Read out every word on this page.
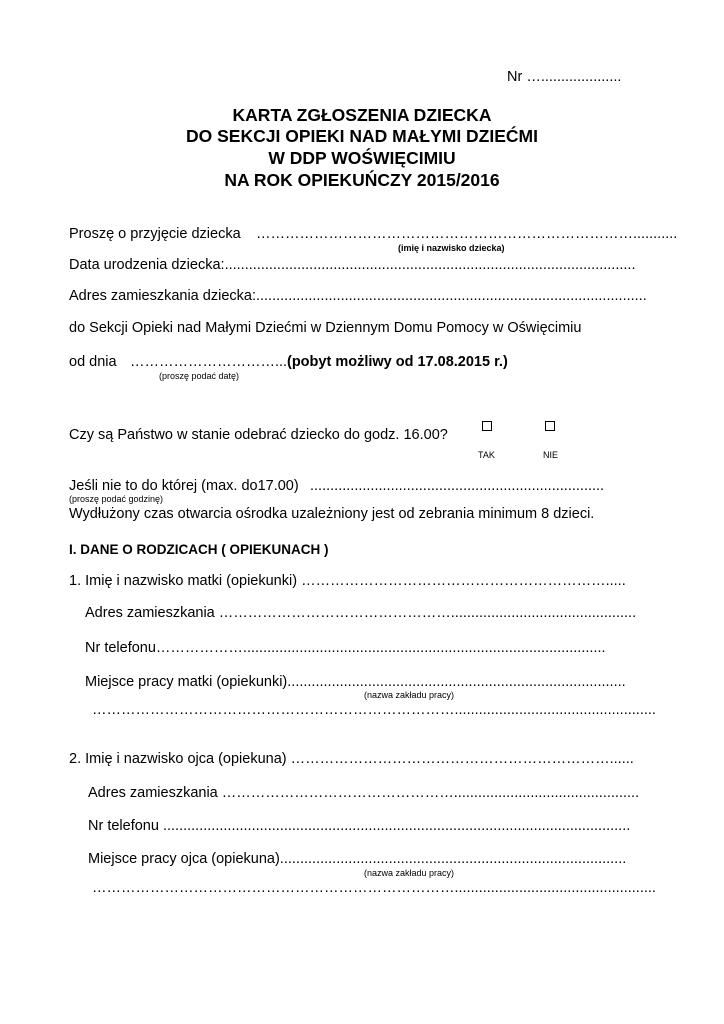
Nr …....................
KARTA ZGŁOSZENIA DZIECKA
DO SEKCJI OPIEKI NAD MAŁYMI DZIEĆMI
W DDP WOŚWIĘCIMIU
NA ROK OPIEKUŃCZY 2015/2016
Proszę o przyjęcie dziecka ……………………………………………………………………...........
(imię i nazwisko dziecka)
Data urodzenia dziecka:......................................................................................................
Adres zamieszkania dziecka:.................................................................................................
do Sekcji Opieki nad Małymi Dziećmi w Dziennym Domu Pomocy w Oświęcimiu
od dnia …………………………... (pobyt możliwy od 17.08.2015 r.)
(proszę podać datę)
Czy są Państwo w stanie odebrać dziecko do godz. 16.00?
TAK	NIE
Jeśli nie to do której (max. do17.00) .........................................................................
(proszę podać godzinę)
Wydłużony czas otwarcia ośrodka uzależniony jest od zebrania minimum 8 dzieci.
I. DANE O RODZICACH ( OPIEKUNACH )
1. Imię i nazwisko matki (opiekunki) ……………………………………………………….....
Adres zamieszkania …………………………………………..............................................
Nr telefonu………………..........................................................................................
Miejsce pracy matki (opiekunki)....................................................................................
(nazwa zakładu pracy)
…………………………………………………………………..................................................
2. Imię i nazwisko ojca (opiekuna) …………………………………………………………......
Adres zamieszkania …………………………………………..............................................
Nr telefonu ....................................................................................................................
Miejsce pracy ojca (opiekuna)......................................................................................
(nazwa zakładu pracy)
…………………………………………………………………..................................................
